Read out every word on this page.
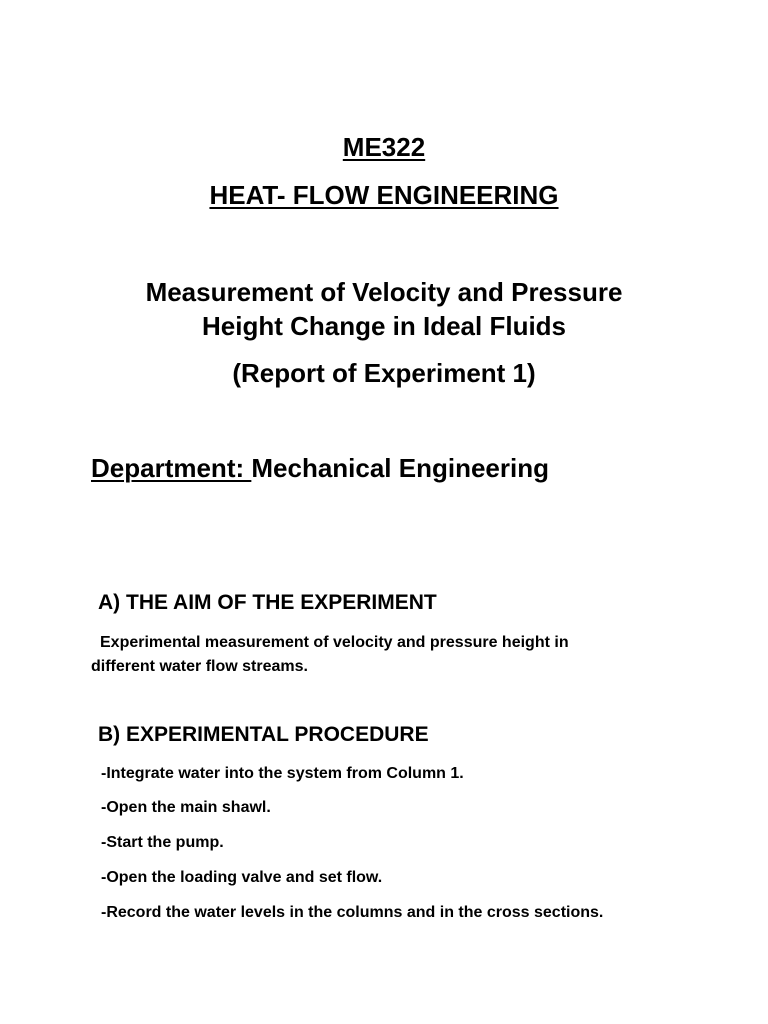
ME322
HEAT- FLOW ENGINEERING
Measurement of Velocity and Pressure
Height Change in Ideal Fluids
(Report of Experiment 1)
Department: Mechanical Engineering
A) THE AIM OF THE EXPERIMENT
Experimental measurement of velocity and pressure height in
different water flow streams.
B) EXPERIMENTAL PROCEDURE
-Integrate water into the system from Column 1.
-Open the main shawl.
-Start the pump.
-Open the loading valve and set flow.
-Record the water levels in the columns and in the cross sections.
